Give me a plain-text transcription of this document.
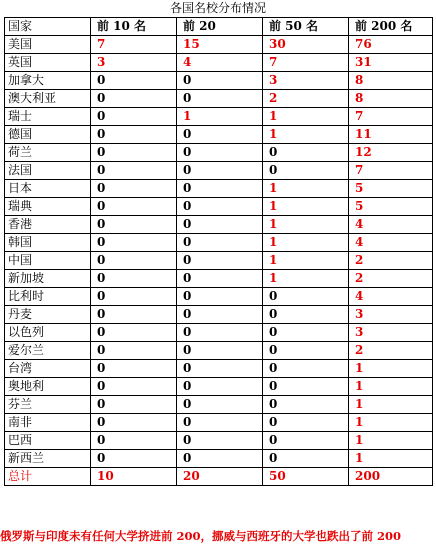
各国名校分布情况
国家	前 10 名	前 20	前 50 名	前 200 名
美国	7	15	30	76
英国	3	4	7	31
加拿大	0	0	3	8
澳大利亚	0	0	2	8
瑞士	0	1	1	7
德国	0	0	1	11
荷兰	0	0	0	12
法国	0	0	0	7
日本	0	0	1	5
瑞典	0	0	1	5
香港	0	0	1	4
韩国	0	0	1	4
中国	0	0	1	2
新加坡	0	0	1	2
比利时	0	0	0	4
丹麦	0	0	0	3
以色列	0	0	0	3
爱尔兰	0	0	0	2
台湾	0	0	0	1
奥地利	0	0	0	1
芬兰	0	0	0	1
南非	0	0	0	1
巴西	0	0	0	1
新西兰	0	0	0	1
总计	10	20	50	200
俄罗斯与印度未有任何大学挤进前 200，挪威与西班牙的大学也跌出了前 200
